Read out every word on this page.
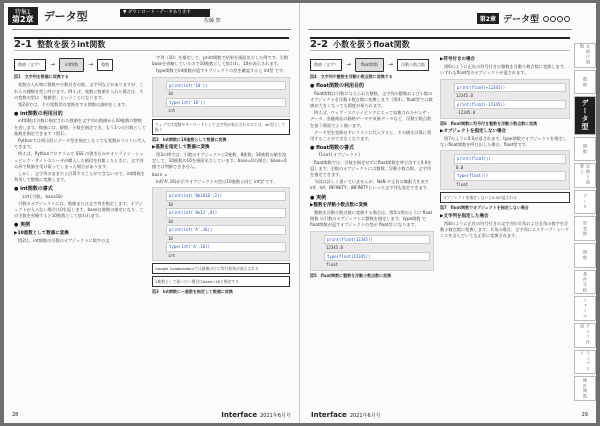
特集1
第2章 データ型	▼ ダウンロード・データあります
佐藤 智
2-1 整数を扱うint関数
数値（文字）	→	int関数	→	整数
図1　文字列を数値に変換する

変数の入れ物に整数や少数付きの数、文字列などがありますが、これらの種類を型と呼びます。例えば、変数に数値を入れた場合は、その変数の型は「数値型」ということになります。

第2章では、その変数型の変換をする関数の説明をします。

● int関数の利用目的

int関数は引数に指定された数値を文字列の数値から10進数の整数を表します。数値には、整数、小数を指定でき、もう1つの引数として基数を指定できます（図1）。

Pythonでは明示的にデータ型を指定しなくても変数がリストに代入できます。

例えば、Pythonプログラムで SSS の書き込みやオンライン・ショッピング・サイトのユーザが購入した値段を収集したときに、文字列の形で数値を受け取ってしまった場合があります。

しかし、文字列のままだと計算することができないので、int関数を利用して整数に変換します。

● int関数の書式

int(引数, base10)

引数のオブジェクトには、数値または文字列を指定します。オブジェクトが入らない場合は0を返します。baseは進数の指定になり、この引数を省略すると10進数として扱われます。

● 実例
▶10進数として数値に変換

図2は、int関数の引数のオブジェクトに数字の文

字列（10）を指定して、print関数で結果を画面出力した例です。引数baseを省略しているので10進数として扱われ、10が表示されます。

type関数でint関数が返すオブジェクトの型を確認すると int型 です。

print(int('10'))
10
type(int('10'))
int
ウェブでは変数やキーワードとして文字列が表示されるのでは、str型として扱う
図2　int関数に10進数として数値に変換
▶基数を指定して数値に変換

図3の例では、引数のオブジェクトに2進数、8進数、16進数の値を設定して、10進数の10を画面出力しています。base=0の場合、base=0値では判断できません。

base =

int('A',16)が示すオブジェクトの型は10進数と同じ int型 です。

print(int('0b1010',2))
10
print(int('0o12',8))
10
print(int('A',16))
10
type(int('A',16))
int
Google Colaboratoryでは最後の行の実行結果が表示される
1進数として扱いたい場合はbase=16と指定する
図3　int関数に一基数を指定して数値に変換
28	Interface 2021年6月号
第2章 データ型
2-2 小数を扱うfloat関数
数値（文字）	→	float関数	→	浮動小数点数
図4　文字列や整数を浮動小数点数に変換する
● float関数の利用目的

float関数は引数に与えられた整数、文字列の整数および小数のオブジェクトを浮動小数点数に変換します（図4）。float型では数値が大きくなっても精度が保たれます。

例えば、ウェブ・スクレイピングによって収集されたセンサ・データ、金融商品の価格データや気象データなど、浮動小数点数を扱う場面でよく使います。

データ型を変換せずにリストに代入すると、その値を計算に利用することができなくなります。

● float関数の書式

float(オブジェクト)

float関数では、引数を指定せずにfloat関数を呼び出すと0.0を返します。引数のオブジェクトには整数、浮動小数点数、文字列を指定できます。

今回は詳しく書いていませんが、NaN や正負の無限大を表すinf、Inf、INFINITY、INFINITYといった文字列も設定できます。

● 実例
▶整数を浮動小数点数に変換

整数を浮動小数点数に変換する場合は、図5の例のように float関数 の引数のオブジェクトに整数を指定します。type関数 でfloat関数が返すオブジェクトの型が float型 になります。

print(float(12345))
12345.0
type(float(12345))
float
図5　float関数に整数を浮動小数点数に変換
▶符号付きの場合

図6のように正負の符号付きの整数を浮動小数点数に変換します。いずれもfloat型のオブジェクトが返されます。

print(float(+12345))
12345.0
print(float(-12345))
-12345.0
図6　float関数に符号付き整数を浮動小数点数に変換
▶オブジェクトを指定しない場合

図7のように0.0が返されます。type関数でオブジェクトを指定しないfloat関数を呼び出した場合、float型です。

print(float())
0.0
type(float())
float
オブジェクトを指定しないと0.0が返される
図7　float関数でオブジェクトを指定しない場合
▶文字列を指定した場合

図8のように正負の符号付きの文字列の半角および全角の数字を浮動小数点数に変換します。半角の場合、文字列にエスケープ・シーケンスを含んでいても正常に変換されます。

お助け関数
数値
データ型
関数
定数と演算子
データ
型変換
関数
条件分岐
ファイル
グラフ作成
ライブラリ
統計関数
Interface 2021年6月号	29
